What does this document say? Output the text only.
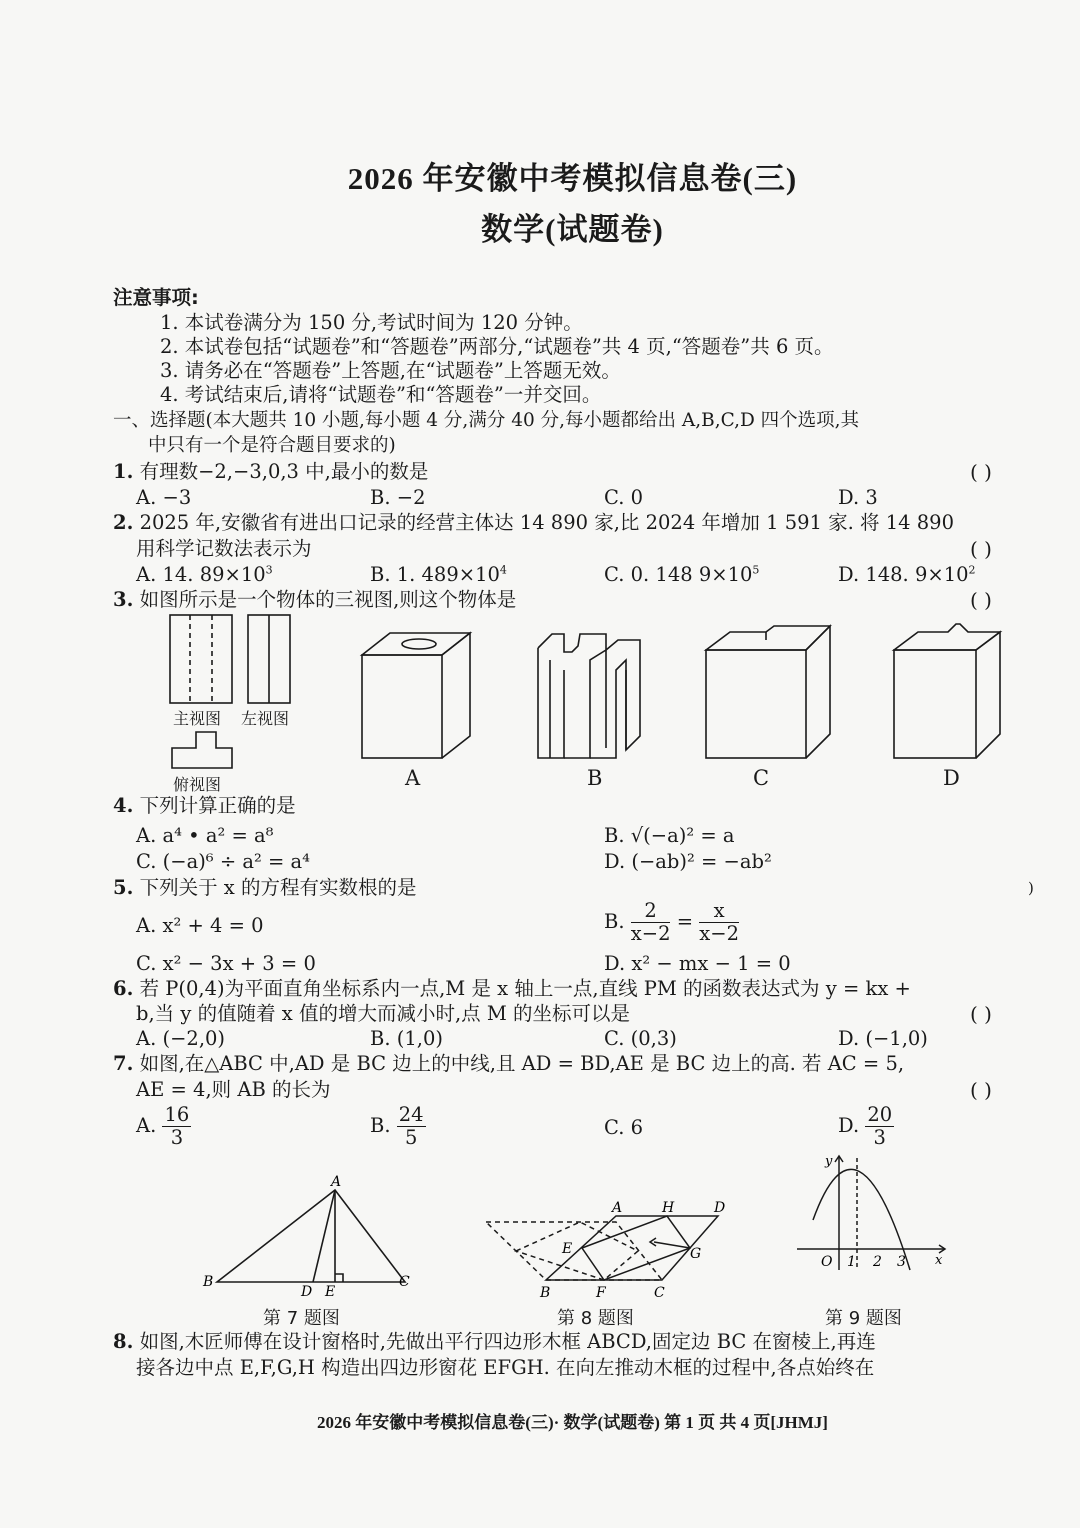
2026 年安徽中考模拟信息卷(三)
数学(试题卷)
注意事项:
1. 本试卷满分为 150 分,考试时间为 120 分钟。
2. 本试卷包括“试题卷”和“答题卷”两部分,“试题卷”共 4 页,“答题卷”共 6 页。
3. 请务必在“答题卷”上答题,在“试题卷”上答题无效。
4. 考试结束后,请将“试题卷”和“答题卷”一并交回。
一、选择题(本大题共 10 小题,每小题 4 分,满分 40 分,每小题都给出 A,B,C,D 四个选项,其
中只有一个是符合题目要求的)
1. 有理数−2,−3,0,3 中,最小的数是	( )
A. −3	B. −2	C. 0	D. 3
2. 2025 年,安徽省有进出口记录的经营主体达 14 890 家,比 2024 年增加 1 591 家. 将 14 890
用科学记数法表示为	( )
A. 14. $89\times 10^3$	B. 1. $489\times 10^4$	C. 0. 148 $9\times 10^5$	D. 148. $9\times 10^2$
3. 如图所示是一个物体的三视图,则这个物体是	( )
主视图 左视图
俯视图	A	B	C	D
4. 下列计算正确的是
A. a⁴ • a² = a⁸	B. √(−a)² = a
C. (−a)⁶ ÷ a² = a⁴	D. (−ab)² = −ab²
5. 下列关于 x 的方程有实数根的是	)
A. x² + 4 = 0	B. $\frac{2}{x-2} = \frac{x}{x-2}$
C. x² − 3x + 3 = 0	D. x² − mx − 1 = 0
6. 若 P(0,4)为平面直角坐标系内一点,M 是 x 轴上一点,直线 PM 的函数表达式为 y = kx +
b,当 y 的值随着 x 值的增大而减小时,点 M 的坐标可以是	( )
A. (−2,0)	B. (1,0)	C. (0,3)	D. (−1,0)
7. 如图,在△ABC 中,AD 是 BC 边上的中线,且 AD = BD,AE 是 BC 边上的高. 若 AC = 5,
AE = 4,则 AB 的长为	( )
A. $\frac{16}{3}$	B. $\frac{24}{5}$	C. 6	D. $\frac{20}{3}$
A
B	C
D E
第 7 题图
A	H	D
E	G
B	F	C
第 8 题图
y
x
O 1 2 3
第 9 题图
8. 如图,木匠师傅在设计窗格时,先做出平行四边形木框 ABCD,固定边 BC 在窗棱上,再连
接各边中点 E,F,G,H 构造出四边形窗花 EFGH. 在向左推动木框的过程中,各点始终在
2026 年安徽中考模拟信息卷(三)· 数学(试题卷) 第 1 页 共 4 页[JHMJ]
